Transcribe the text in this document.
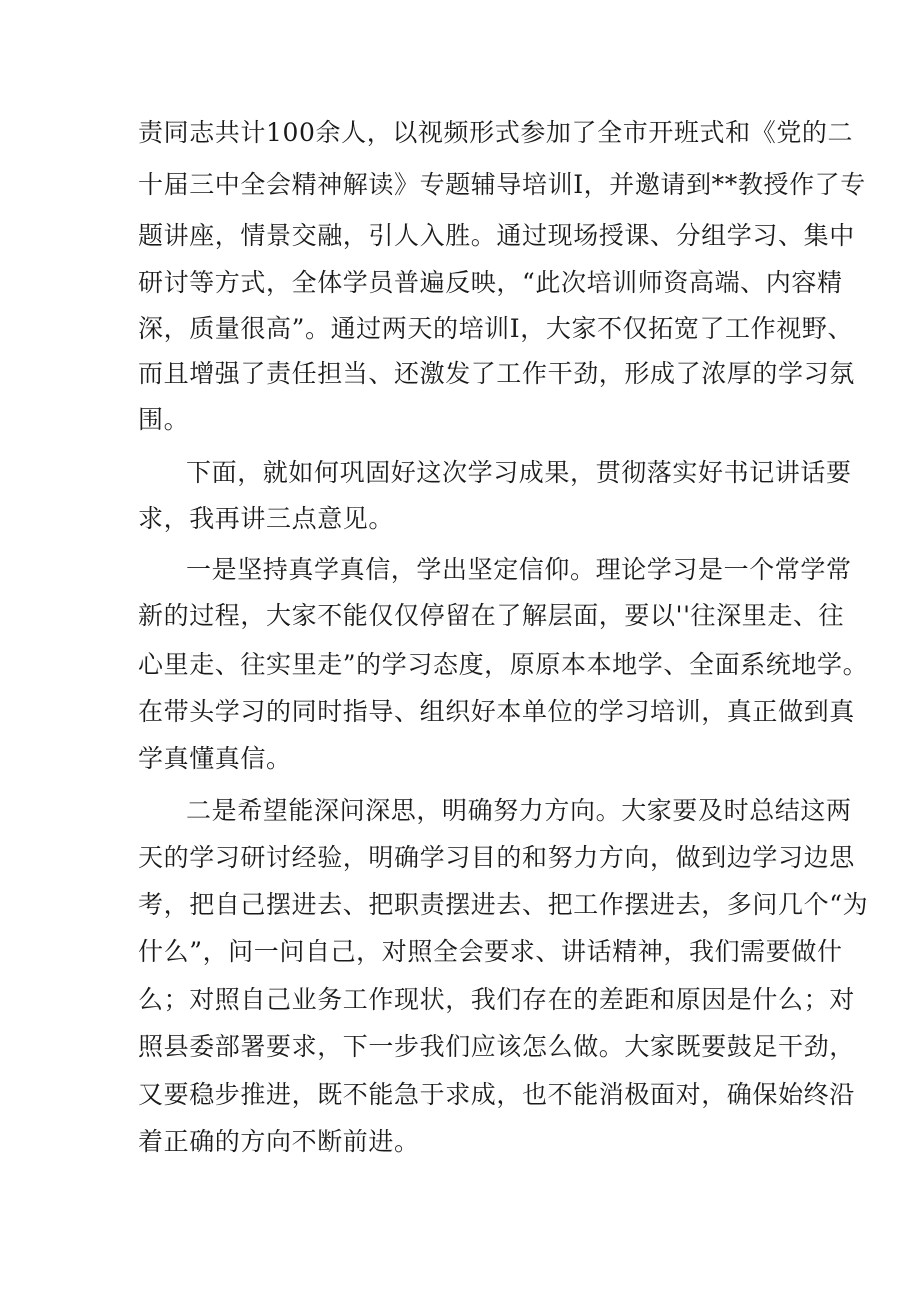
责同志共计100余人，以视频形式参加了全市开班式和《党的二
十届三中全会精神解读》专题辅导培训I，并邀请到**教授作了专
题讲座，情景交融，引人入胜。通过现场授课、分组学习、集中
研讨等方式，全体学员普遍反映，“此次培训师资高端、内容精
深，质量很高”。通过两天的培训I，大家不仅拓宽了工作视野、
而且增强了责任担当、还激发了工作干劲，形成了浓厚的学习氛
围。
下面，就如何巩固好这次学习成果，贯彻落实好书记讲话要
求，我再讲三点意见。
一是坚持真学真信，学出坚定信仰。理论学习是一个常学常
新的过程，大家不能仅仅停留在了解层面，要以''往深里走、往
心里走、往实里走”的学习态度，原原本本地学、全面系统地学。
在带头学习的同时指导、组织好本单位的学习培训，真正做到真
学真懂真信。
二是希望能深问深思，明确努力方向。大家要及时总结这两
天的学习研讨经验，明确学习目的和努力方向，做到边学习边思
考，把自己摆进去、把职责摆进去、把工作摆进去，多问几个“为
什么”，问一问自己，对照全会要求、讲话精神，我们需要做什
么；对照自己业务工作现状，我们存在的差距和原因是什么；对
照县委部署要求，下一步我们应该怎么做。大家既要鼓足干劲，
又要稳步推进，既不能急于求成，也不能消极面对，确保始终沿
着正确的方向不断前进。
